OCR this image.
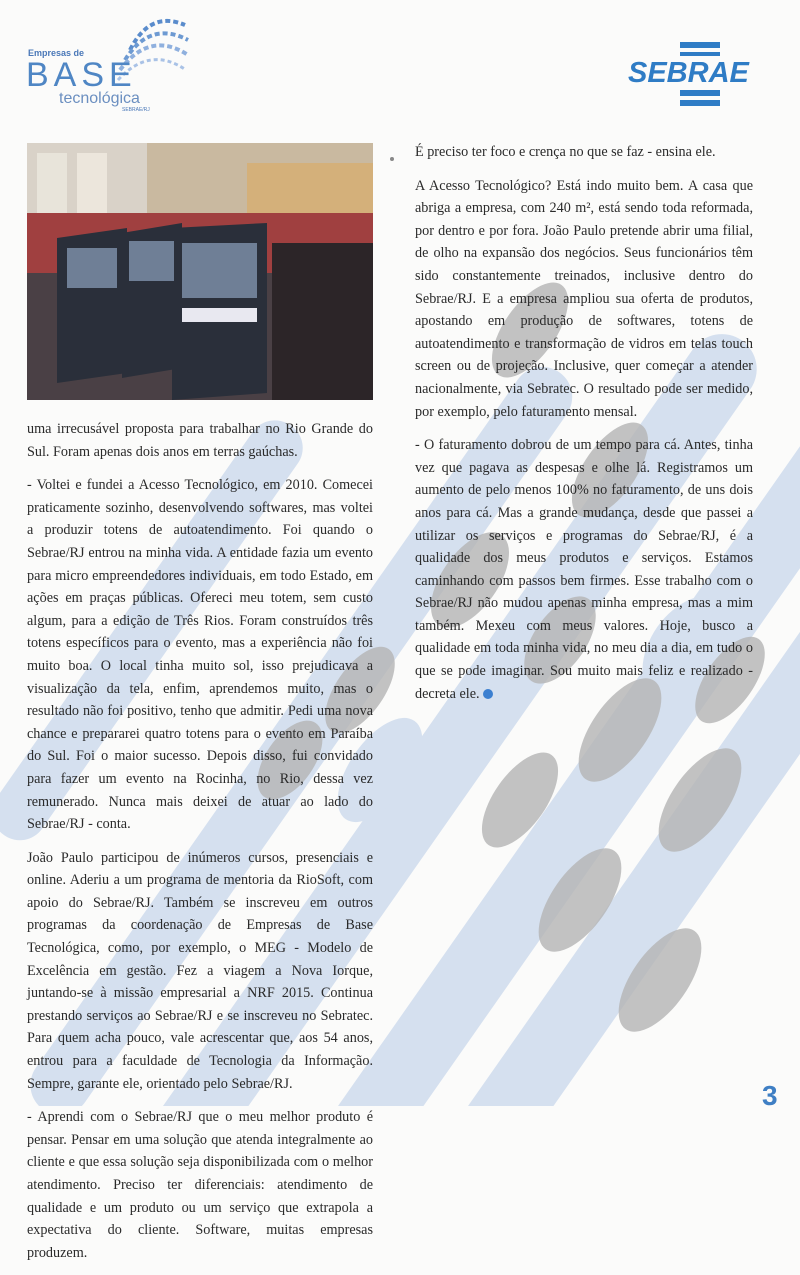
Empresas de
BASE
tecnológica
SEBRAE/RJ
SEBRAE

uma irrecusável proposta para trabalhar no Rio Grande do Sul. Foram apenas dois anos em terras gaúchas.

- Voltei e fundei a Acesso Tecnológico, em 2010. Comecei praticamente sozinho, desenvolvendo softwares, mas voltei a produzir totens de autoatendimento. Foi quando o Sebrae/RJ entrou na minha vida. A entidade fazia um evento para micro empreendedores individuais, em todo Estado, em ações em praças públicas. Ofereci meu totem, sem custo algum, para a edição de Três Rios. Foram construídos três totens específicos para o evento, mas a experiência não foi muito boa. O local tinha muito sol, isso prejudicava a visualização da tela, enfim, aprendemos muito, mas o resultado não foi positivo, tenho que admitir. Pedi uma nova chance e prepararei quatro totens para o evento em Paraíba do Sul. Foi o maior sucesso. Depois disso, fui convidado para fazer um evento na Rocinha, no Rio, dessa vez remunerado. Nunca mais deixei de atuar ao lado do Sebrae/RJ - conta.

João Paulo participou de inúmeros cursos, presenciais e online. Aderiu a um programa de mentoria da RioSoft, com apoio do Sebrae/RJ. Também se inscreveu em outros programas da coordenação de Empresas de Base Tecnológica, como, por exemplo, o MEG - Modelo de Excelência em gestão. Fez a viagem a Nova Iorque, juntando-se à missão empresarial a NRF 2015. Continua prestando serviços ao Sebrae/RJ e se inscreveu no Sebratec. Para quem acha pouco, vale acrescentar que, aos 54 anos, entrou para a faculdade de Tecnologia da Informação. Sempre, garante ele, orientado pelo Sebrae/RJ.

- Aprendi com o Sebrae/RJ que o meu melhor produto é pensar. Pensar em uma solução que atenda integralmente ao cliente e que essa solução seja disponibilizada com o melhor atendimento. Preciso ter diferenciais: atendimento de qualidade e um produto ou um serviço que extrapola a expectativa do cliente. Software, muitas empresas produzem.

É preciso ter foco e crença no que se faz - ensina ele.

A Acesso Tecnológico? Está indo muito bem. A casa que abriga a empresa, com 240 m², está sendo toda reformada, por dentro e por fora. João Paulo pretende abrir uma filial, de olho na expansão dos negócios. Seus funcionários têm sido constantemente treinados, inclusive dentro do Sebrae/RJ. E a empresa ampliou sua oferta de produtos, apostando em produção de softwares, totens de autoatendimento e transformação de vidros em telas touch screen ou de projeção. Inclusive, quer começar a atender nacionalmente, via Sebratec. O resultado pode ser medido, por exemplo, pelo faturamento mensal.

- O faturamento dobrou de um tempo para cá. Antes, tinha vez que pagava as despesas e olhe lá. Registramos um aumento de pelo menos 100% no faturamento, de uns dois anos para cá. Mas a grande mudança, desde que passei a utilizar os serviços e programas do Sebrae/RJ, é a qualidade dos meus produtos e serviços. Estamos caminhando com passos bem firmes. Esse trabalho com o Sebrae/RJ não mudou apenas minha empresa, mas a mim também. Mexeu com meus valores. Hoje, busco a qualidade em toda minha vida, no meu dia a dia, em tudo o que se pode imaginar. Sou muito mais feliz e realizado - decreta ele.

3
